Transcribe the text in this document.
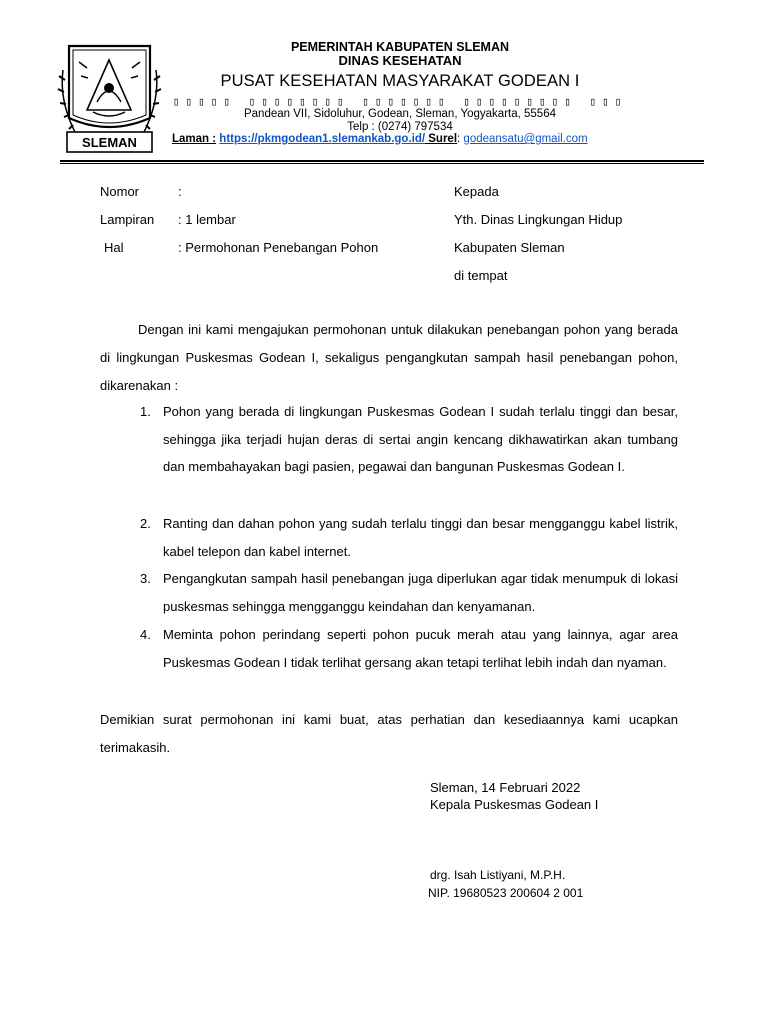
SLEMAN
PEMERINTAH KABUPATEN SLEMAN
DINAS KESEHATAN
PUSAT KESEHATAN MASYARAKAT GODEAN I
▯▯▯▯▯ ▯▯▯▯▯▯▯▯ ▯▯▯▯▯▯▯ ▯▯▯▯▯▯▯▯▯ ▯▯▯
Pandean VII, Sidoluhur, Godean, Sleman, Yogyakarta, 55564
Telp : (0274) 797534
Laman : https://pkmgodean1.slemankab.go.id/ Surel: godeansatu@gmail.com
Nomor	:
Lampiran : 1 lembar
Hal	: Permohonan Penebangan Pohon
Kepada
Yth. Dinas Lingkungan Hidup
Kabupaten Sleman
di tempat
Dengan ini kami mengajukan permohonan untuk dilakukan penebangan pohon yang berada di lingkungan Puskesmas Godean I, sekaligus pengangkutan sampah hasil penebangan pohon, dikarenakan :
1. Pohon yang berada di lingkungan Puskesmas Godean I sudah terlalu tinggi dan besar, sehingga jika terjadi hujan deras di sertai angin kencang dikhawatirkan akan tumbang dan membahayakan bagi pasien, pegawai dan bangunan Puskesmas Godean I.
2. Ranting dan dahan pohon yang sudah terlalu tinggi dan besar mengganggu kabel listrik, kabel telepon dan kabel internet.
3. Pengangkutan sampah hasil penebangan juga diperlukan agar tidak menumpuk di lokasi puskesmas sehingga mengganggu keindahan dan kenyamanan.
4. Meminta pohon perindang seperti pohon pucuk merah atau yang lainnya, agar area Puskesmas Godean I tidak terlihat gersang akan tetapi terlihat lebih indah dan nyaman.
Demikian surat permohonan ini kami buat, atas perhatian dan kesediaannya kami ucapkan terimakasih.
Sleman, 14 Februari 2022
Kepala Puskesmas Godean I
drg. Isah Listiyani, M.P.H.
NIP. 19680523 200604 2 001
